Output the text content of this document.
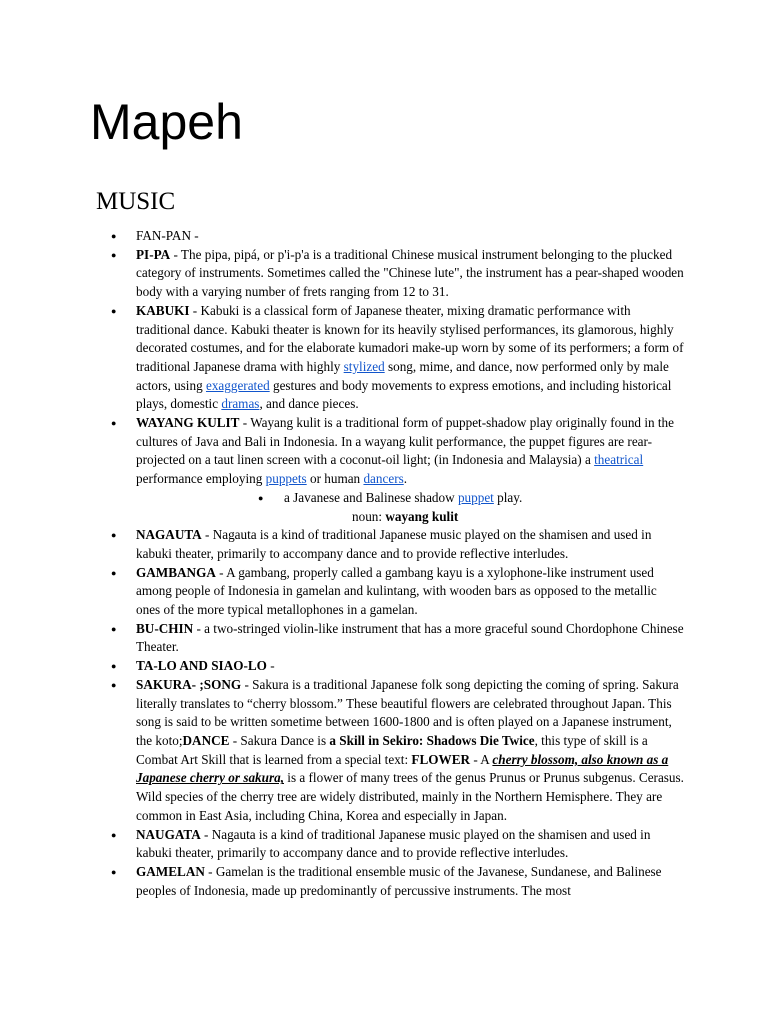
Mapeh
MUSIC
● FAN-PAN -
● PI-PA - The pipa, pipá, or p'i-p'a is a traditional Chinese musical instrument belonging to the plucked category of instruments. Sometimes called the "Chinese lute", the instrument has a pear-shaped wooden body with a varying number of frets ranging from 12 to 31.
● KABUKI - Kabuki is a classical form of Japanese theater, mixing dramatic performance with traditional dance. Kabuki theater is known for its heavily stylised performances, its glamorous, highly decorated costumes, and for the elaborate kumadori make-up worn by some of its performers; a form of traditional Japanese drama with highly stylized song, mime, and dance, now performed only by male actors, using exaggerated gestures and body movements to express emotions, and including historical plays, domestic dramas, and dance pieces.
● WAYANG KULIT - Wayang kulit is a traditional form of puppet-shadow play originally found in the cultures of Java and Bali in Indonesia. In a wayang kulit performance, the puppet figures are rear-projected on a taut linen screen with a coconut-oil light; (in Indonesia and Malaysia) a theatrical performance employing puppets or human dancers.
● a Javanese and Balinese shadow puppet play.
noun: wayang kulit
● NAGAUTA - Nagauta is a kind of traditional Japanese music played on the shamisen and used in kabuki theater, primarily to accompany dance and to provide reflective interludes.
● GAMBANGA - A gambang, properly called a gambang kayu is a xylophone-like instrument used among people of Indonesia in gamelan and kulintang, with wooden bars as opposed to the metallic ones of the more typical metallophones in a gamelan.
● BU-CHIN - a two-stringed violin-like instrument that has a more graceful sound Chordophone Chinese Theater.
● TA-LO AND SIAO-LO -
● SAKURA- ;SONG - Sakura is a traditional Japanese folk song depicting the coming of spring. Sakura literally translates to “cherry blossom.” These beautiful flowers are celebrated throughout Japan. This song is said to be written sometime between 1600-1800 and is often played on a Japanese instrument, the koto;DANCE - Sakura Dance is a Skill in Sekiro: Shadows Die Twice, this type of skill is a Combat Art Skill that is learned from a special text: FLOWER - A cherry blossom, also known as a Japanese cherry or sakura, is a flower of many trees of the genus Prunus or Prunus subgenus. Cerasus. Wild species of the cherry tree are widely distributed, mainly in the Northern Hemisphere. They are common in East Asia, including China, Korea and especially in Japan.
● NAUGATA - Nagauta is a kind of traditional Japanese music played on the shamisen and used in kabuki theater, primarily to accompany dance and to provide reflective interludes.
● GAMELAN - Gamelan is the traditional ensemble music of the Javanese, Sundanese, and Balinese peoples of Indonesia, made up predominantly of percussive instruments. The most
